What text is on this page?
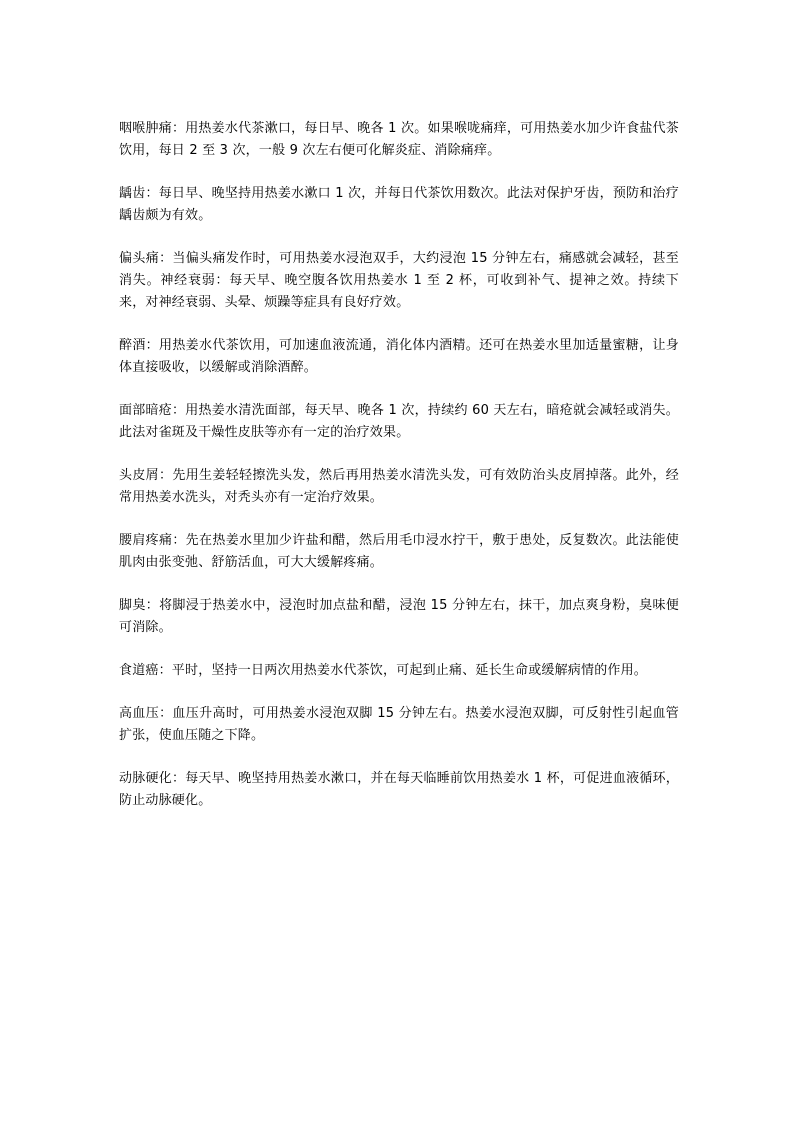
咽喉肿痛：用热姜水代茶漱口，每日早、晚各 1 次。如果喉咙痛痒，可用热姜水加少许食盐代茶饮用，每日 2 至 3 次，一般 9 次左右便可化解炎症、消除痛痒。

龋齿：每日早、晚坚持用热姜水漱口 1 次，并每日代茶饮用数次。此法对保护牙齿，预防和治疗龋齿颇为有效。

偏头痛：当偏头痛发作时，可用热姜水浸泡双手，大约浸泡 15 分钟左右，痛感就会减轻，甚至消失。神经衰弱：每天早、晚空腹各饮用热姜水 1 至 2 杯，可收到补气、提神之效。持续下来，对神经衰弱、头晕、烦躁等症具有良好疗效。

醉酒：用热姜水代茶饮用，可加速血液流通，消化体内酒精。还可在热姜水里加适量蜜糖，让身体直接吸收，以缓解或消除酒醉。

面部暗疮：用热姜水清洗面部，每天早、晚各 1 次，持续约 60 天左右，暗疮就会减轻或消失。此法对雀斑及干燥性皮肤等亦有一定的治疗效果。

头皮屑：先用生姜轻轻擦洗头发，然后再用热姜水清洗头发，可有效防治头皮屑掉落。此外，经常用热姜水洗头，对秃头亦有一定治疗效果。

腰肩疼痛：先在热姜水里加少许盐和醋，然后用毛巾浸水拧干，敷于患处，反复数次。此法能使肌肉由张变弛、舒筋活血，可大大缓解疼痛。

脚臭：将脚浸于热姜水中，浸泡时加点盐和醋，浸泡 15 分钟左右，抹干，加点爽身粉，臭味便可消除。

食道癌：平时，坚持一日两次用热姜水代茶饮，可起到止痛、延长生命或缓解病情的作用。

高血压：血压升高时，可用热姜水浸泡双脚 15 分钟左右。热姜水浸泡双脚，可反射性引起血管扩张，使血压随之下降。

动脉硬化：每天早、晚坚持用热姜水漱口，并在每天临睡前饮用热姜水 1 杯，可促进血液循环，防止动脉硬化。
